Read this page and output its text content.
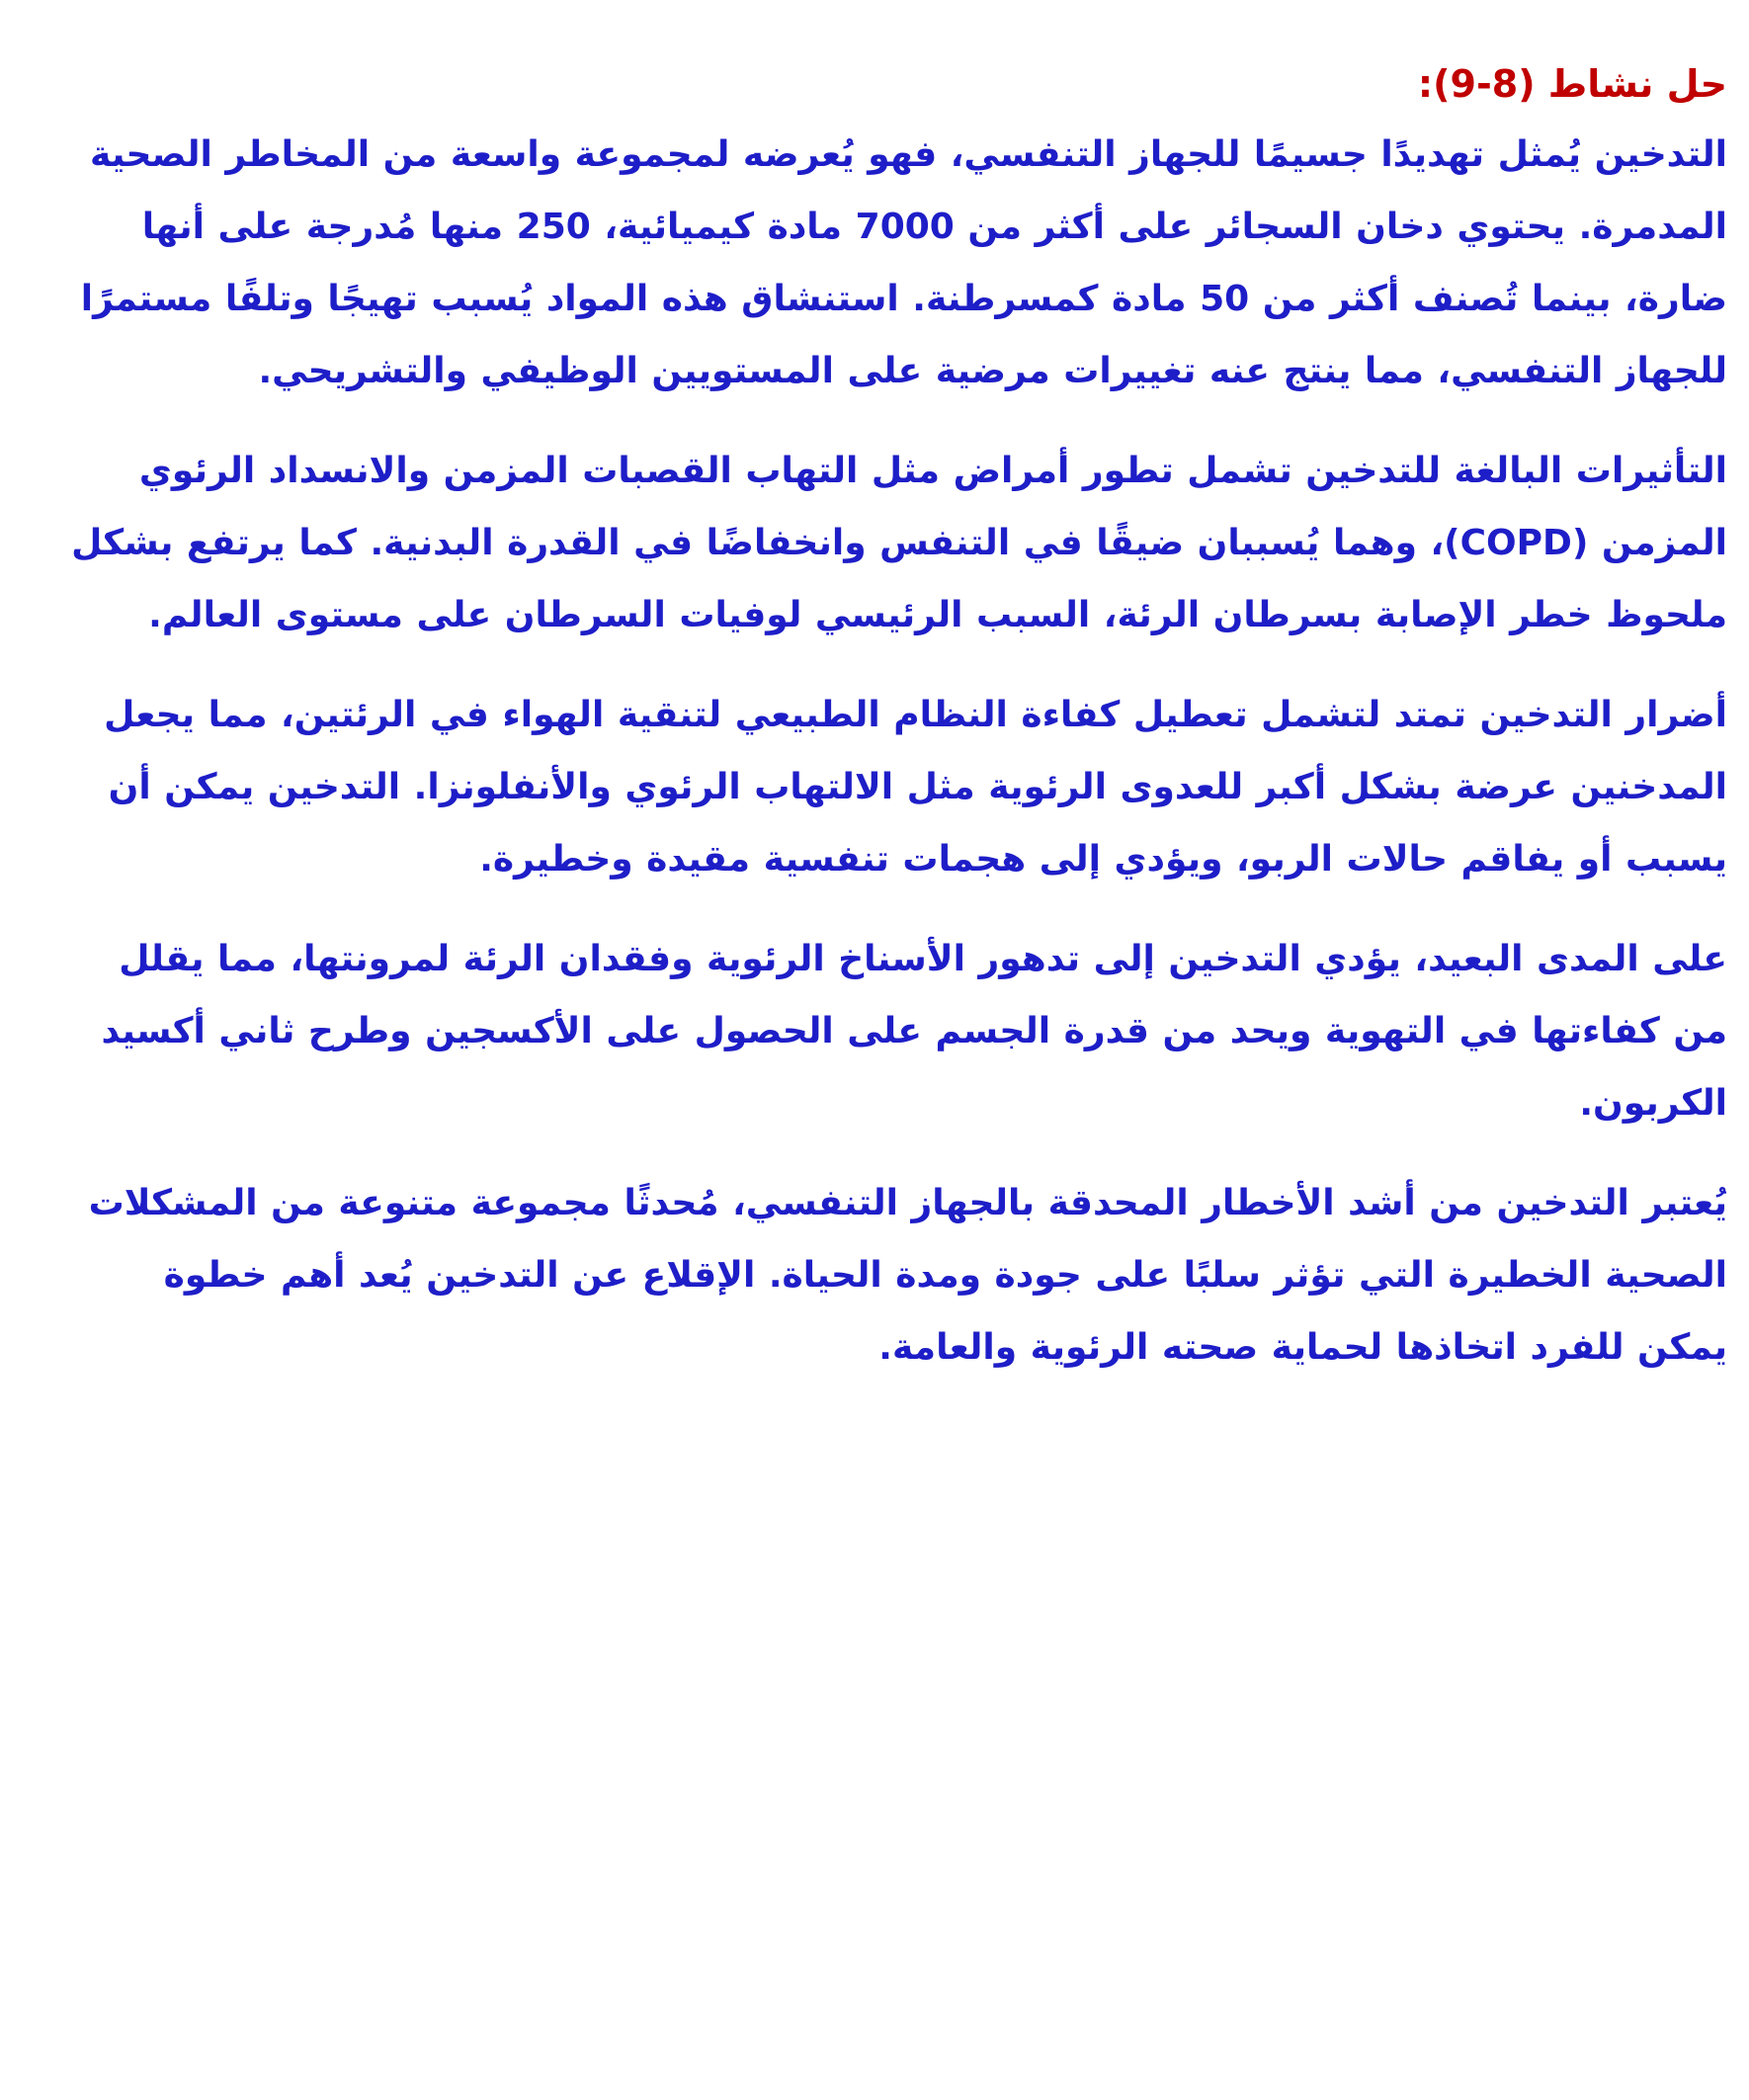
حل نشاط (8-9):

التدخين يُمثل تهديدًا جسيمًا للجهاز التنفسي، فهو يُعرضه لمجموعة واسعة من المخاطر الصحية المدمرة. يحتوي دخان السجائر على أكثر من 7000 مادة كيميائية، 250 منها مُدرجة على أنها ضارة، بينما تُصنف أكثر من 50 مادة كمسرطنة. استنشاق هذه المواد يُسبب تهيجًا وتلفًا مستمرًا للجهاز التنفسي، مما ينتج عنه تغييرات مرضية على المستويين الوظيفي والتشريحي.

التأثيرات البالغة للتدخين تشمل تطور أمراض مثل التهاب القصبات المزمن والانسداد الرئوي المزمن (COPD)، وهما يُسببان ضيقًا في التنفس وانخفاضًا في القدرة البدنية. كما يرتفع بشكل ملحوظ خطر الإصابة بسرطان الرئة، السبب الرئيسي لوفيات السرطان على مستوى العالم.

أضرار التدخين تمتد لتشمل تعطيل كفاءة النظام الطبيعي لتنقية الهواء في الرئتين، مما يجعل المدخنين عرضة بشكل أكبر للعدوى الرئوية مثل الالتهاب الرئوي والأنفلونزا. التدخين يمكن أن يسبب أو يفاقم حالات الربو، ويؤدي إلى هجمات تنفسية مقيدة وخطيرة.

على المدى البعيد، يؤدي التدخين إلى تدهور الأسناخ الرئوية وفقدان الرئة لمرونتها، مما يقلل من كفاءتها في التهوية ويحد من قدرة الجسم على الحصول على الأكسجين وطرح ثاني أكسيد الكربون.

يُعتبر التدخين من أشد الأخطار المحدقة بالجهاز التنفسي، مُحدثًا مجموعة متنوعة من المشكلات الصحية الخطيرة التي تؤثر سلبًا على جودة ومدة الحياة. الإقلاع عن التدخين يُعد أهم خطوة يمكن للفرد اتخاذها لحماية صحته الرئوية والعامة.
